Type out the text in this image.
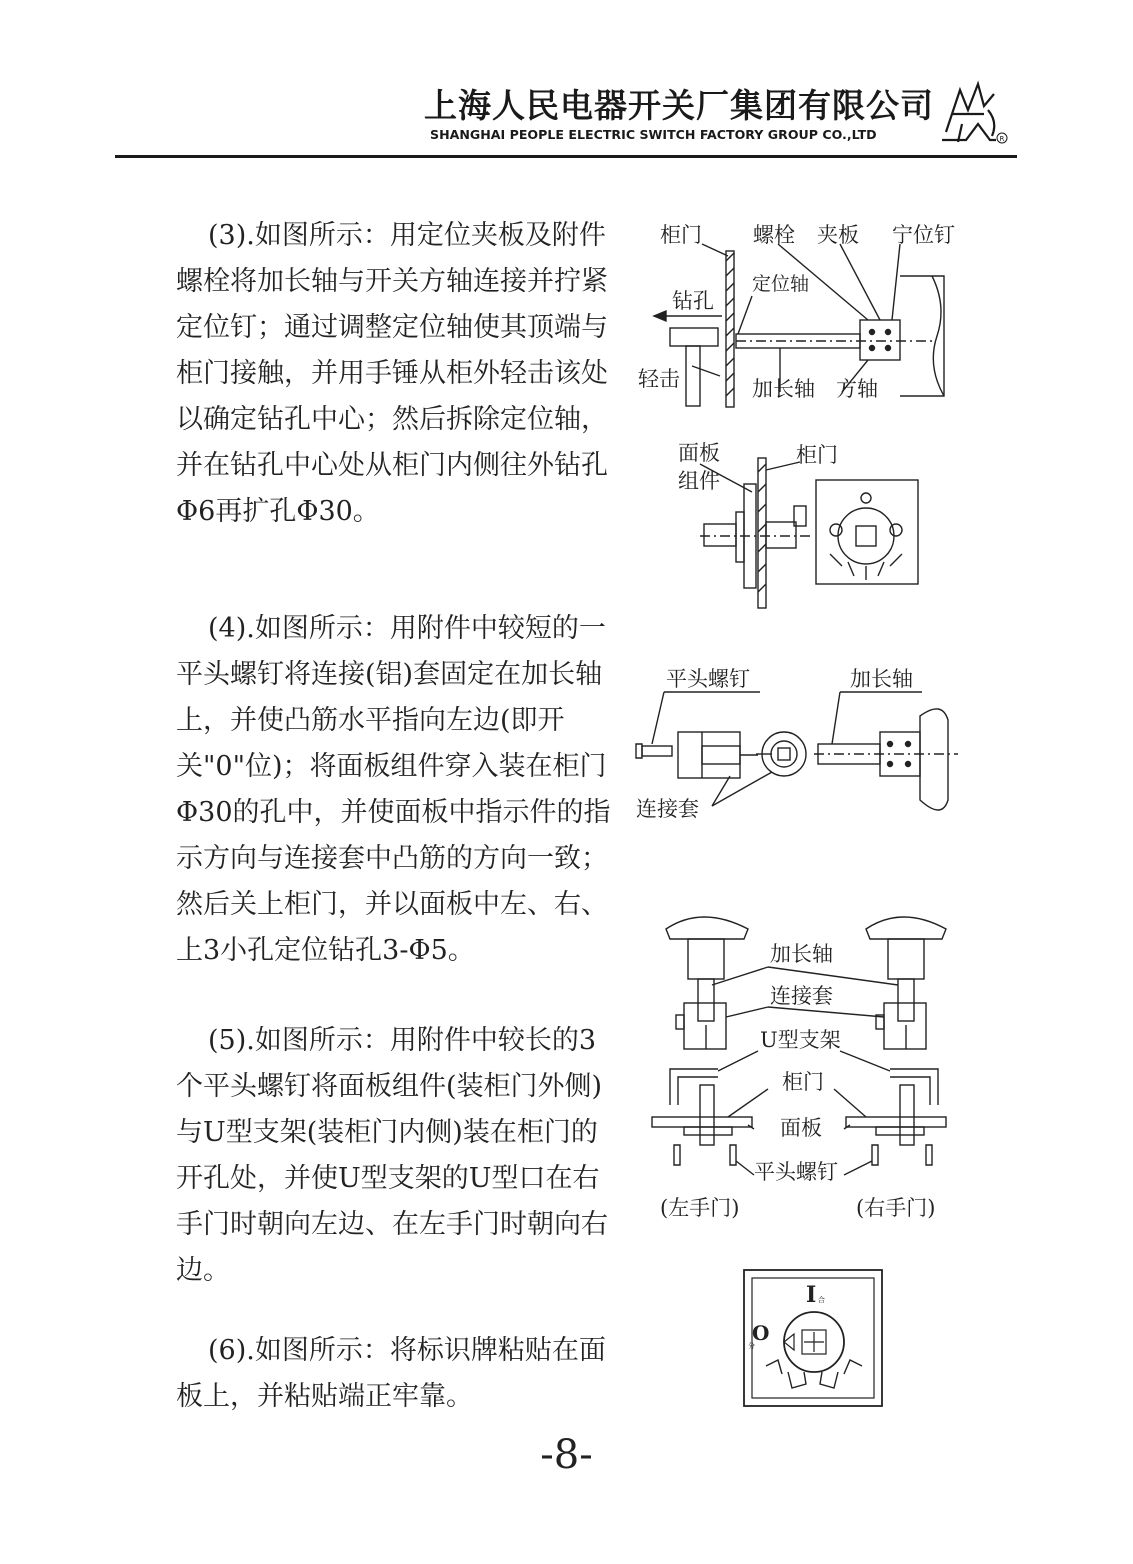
上海人民电器开关厂集团有限公司
SHANGHAI PEOPLE ELECTRIC SWITCH FACTORY GROUP CO.,LTD	R

(3).如图所示：用定位夹板及附件螺栓将加长轴与开关方轴连接并拧紧定位钉；通过调整定位轴使其顶端与柜门接触，并用手锤从柜外轻击该处以确定钻孔中心；然后拆除定位轴，并在钻孔中心处从柜门内侧往外钻孔Φ6再扩孔Φ30。

(4).如图所示：用附件中较短的一平头螺钉将连接(铝)套固定在加长轴上，并使凸筋水平指向左边(即开关"0"位)；将面板组件穿入装在柜门Φ30的孔中，并使面板中指示件的指示方向与连接套中凸筋的方向一致；然后关上柜门，并以面板中左、右、上3小孔定位钻孔3-Φ5。

(5).如图所示：用附件中较长的3个平头螺钉将面板组件(装柜门外侧)与U型支架(装柜门内侧)装在柜门的开孔处，并使U型支架的U型口在右手门时朝向左边、在左手门时朝向右边。

(6).如图所示：将标识牌粘贴在面板上，并粘贴端正牢靠。

柜门 螺栓 夹板 宁位钉
定位轴
钻孔
轻击	加长轴 方轴
面板
组件
柜门
平头螺钉	加长轴
连接套
加长轴
连接套
U型支架
柜门
面板
平头螺钉
(左手门)	(右手门)
I 合
O
分
-8-
